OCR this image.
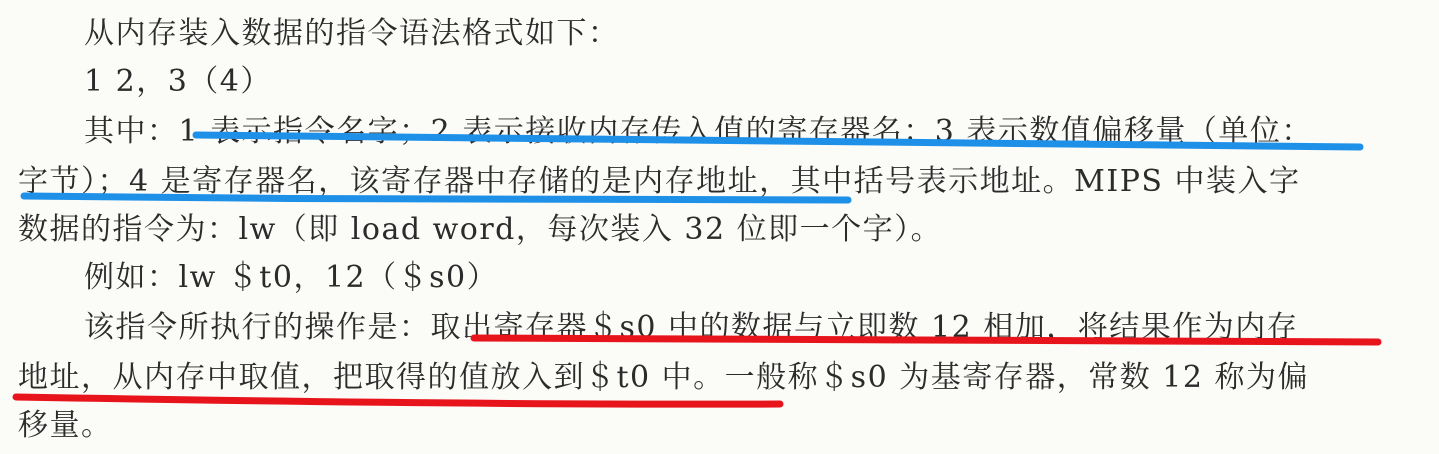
从内存装入数据的指令语法格式如下：
1 2，3（4）
其中：1 表示指令名字；2 表示接收内存传入值的寄存器名；3 表示数值偏移量（单位：
字节）；4 是寄存器名，该寄存器中存储的是内存地址，其中括号表示地址。MIPS 中装入字
数据的指令为：lw（即 load word，每次装入 32 位即一个字）。
例如：lw ＄t0，12（＄s0）
该指令所执行的操作是：取出寄存器＄s0 中的数据与立即数 12 相加，将结果作为内存
地址，从内存中取值，把取得的值放入到＄t0 中。一般称＄s0 为基寄存器，常数 12 称为偏
移量。
